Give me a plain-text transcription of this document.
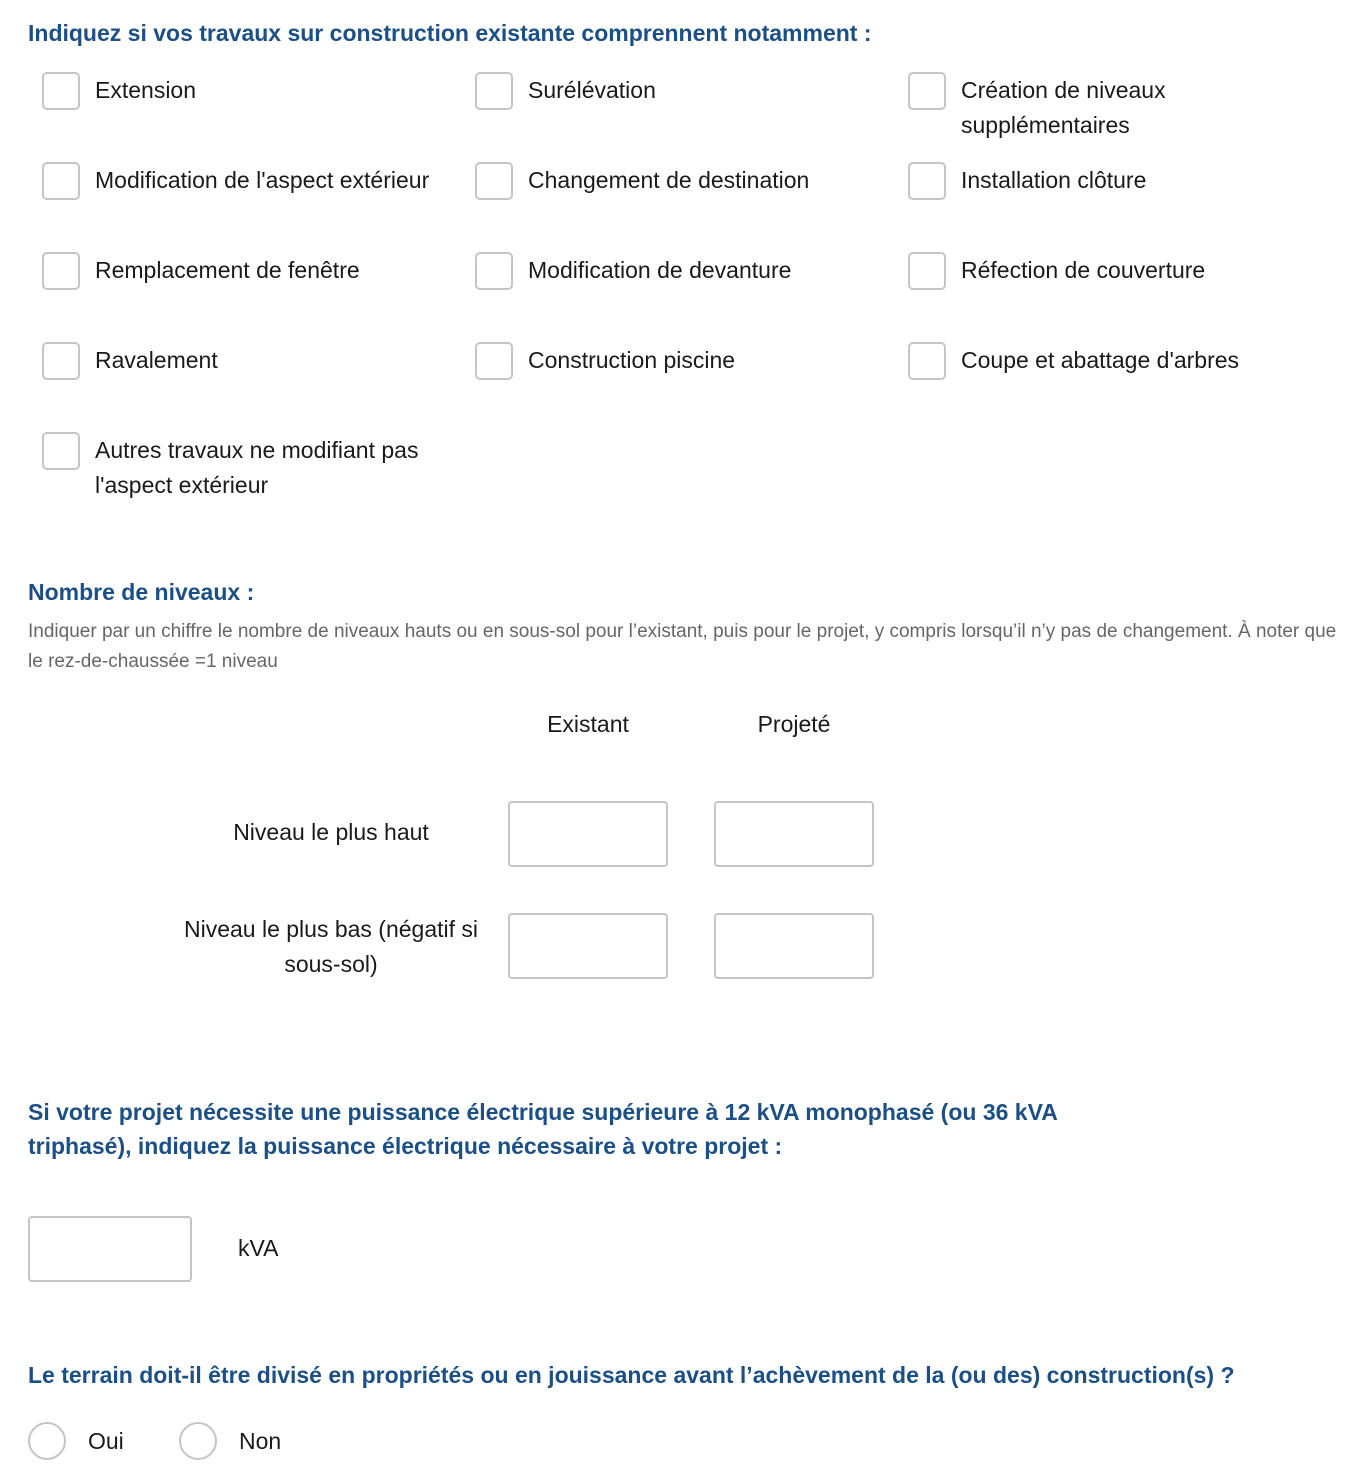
Indiquez si vos travaux sur construction existante comprennent notamment :
Extension	Surélévation	Création de niveaux supplémentaires
Modification de l'aspect extérieur	Changement de destination	Installation clôture
Remplacement de fenêtre	Modification de devanture	Réfection de couverture
Ravalement	Construction piscine	Coupe et abattage d'arbres
Autres travaux ne modifiant pas l'aspect extérieur
Nombre de niveaux :
Indiquer par un chiffre le nombre de niveaux hauts ou en sous-sol pour l’existant, puis pour le projet, y compris lorsqu’il n’y pas de changement. À noter que le rez-de-chaussée =1 niveau
Existant	Projeté
Niveau le plus haut
Niveau le plus bas (négatif si sous-sol)
Si votre projet nécessite une puissance électrique supérieure à 12 kVA monophasé (ou 36 kVA triphasé), indiquez la puissance électrique nécessaire à votre projet :
kVA
Le terrain doit-il être divisé en propriétés ou en jouissance avant l’achèvement de la (ou des) construction(s) ?
Oui	Non
